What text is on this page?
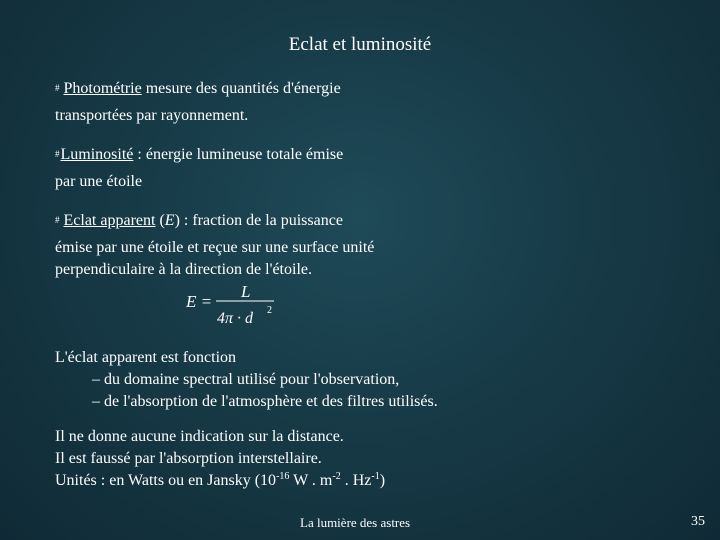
Eclat et luminosité
# Photométrie mesure des quantités d'énergie
transportées par rayonnement.
#Luminosité : énergie lumineuse totale émise
par une étoile
# Eclat apparent (E) : fraction de la puissance
émise par une étoile et reçue sur une surface unité
perpendiculaire à la direction de l'étoile.
E =
L
4π · d 2
L'éclat apparent est fonction
– du domaine spectral utilisé pour l'observation,
– de l'absorption de l'atmosphère et des filtres utilisés.
Il ne donne aucune indication sur la distance.
Il est faussé par l'absorption interstellaire.
Unités : en Watts ou en Jansky ($10^{-16}$ W . $m^{-2}$ . $Hz^{-1}$)
La lumière des astres	35
